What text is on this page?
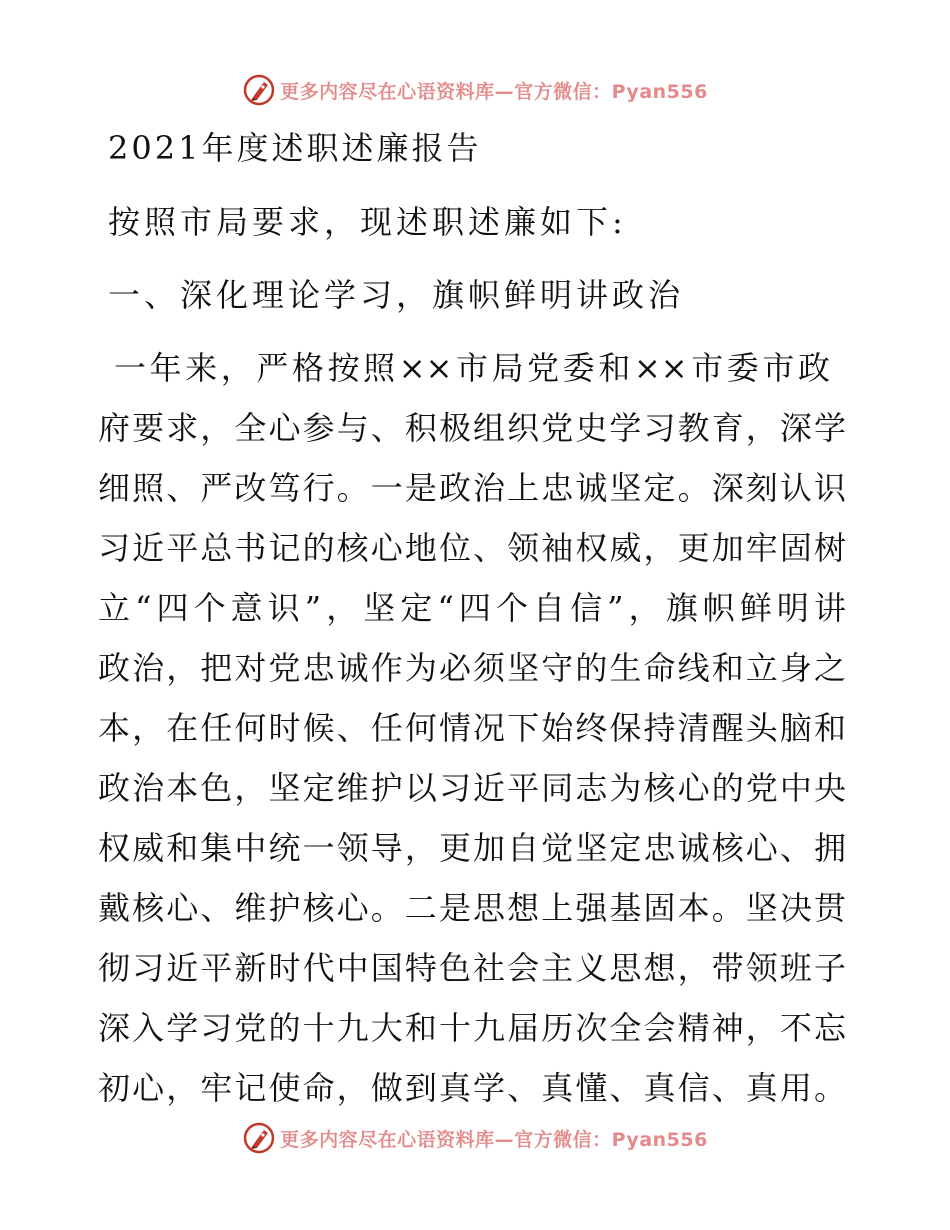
更多内容尽在心语资料库—官方微信：Pyan556
2021年度述职述廉报告
按照市局要求，现述职述廉如下:
一、深化理论学习，旗帜鲜明讲政治
一年来，严格按照××市局党委和××市委市政
府要求，全心参与、积极组织党史学习教育，深学
细照、严改笃行。一是政治上忠诚坚定。深刻认识
习近平总书记的核心地位、领袖权威，更加牢固树
立“四个意识”，坚定“四个自信”，旗帜鲜明讲
政治，把对党忠诚作为必须坚守的生命线和立身之
本，在任何时候、任何情况下始终保持清醒头脑和
政治本色，坚定维护以习近平同志为核心的党中央
权威和集中统一领导，更加自觉坚定忠诚核心、拥
戴核心、维护核心。二是思想上强基固本。坚决贯
彻习近平新时代中国特色社会主义思想，带领班子
深入学习党的十九大和十九届历次全会精神，不忘
初心，牢记使命，做到真学、真懂、真信、真用。
更多内容尽在心语资料库—官方微信：Pyan556
